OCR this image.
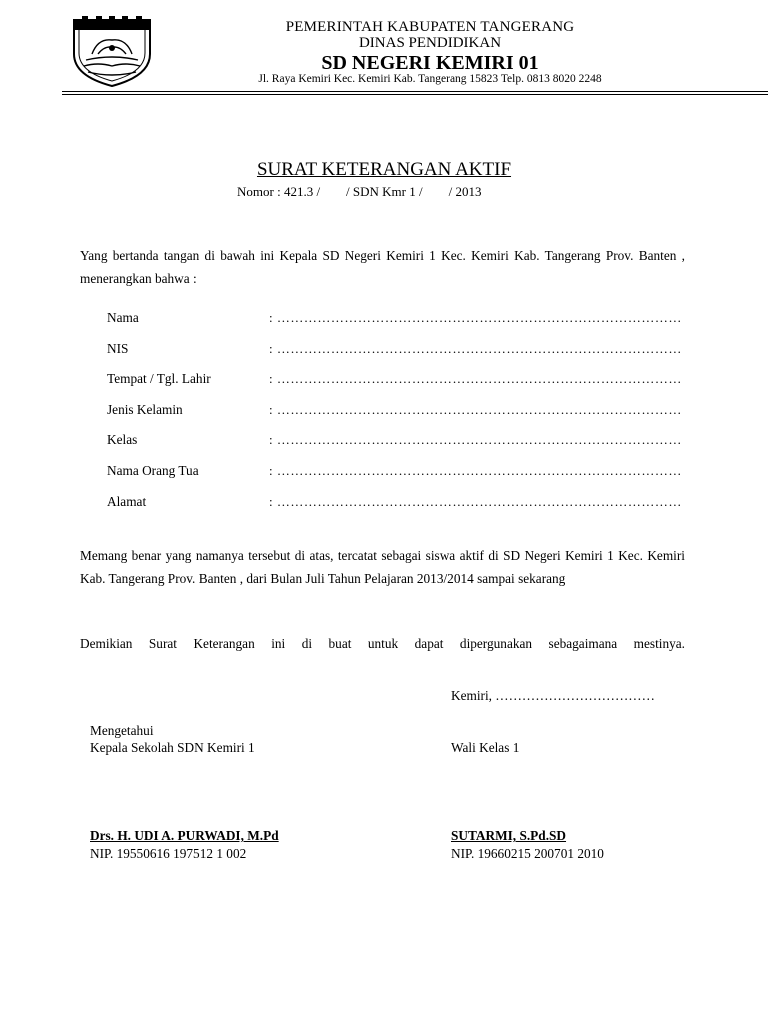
PEMERINTAH KABUPATEN TANGERANG
DINAS PENDIDIKAN
SD NEGERI KEMIRI 01
Jl. Raya Kemiri Kec. Kemiri Kab. Tangerang 15823 Telp. 0813 8020 2248
SURAT KETERANGAN AKTIF
Nomor : 421.3 /        / SDN Kmr 1 /        / 2013
Yang bertanda tangan di bawah ini Kepala SD Negeri Kemiri 1 Kec. Kemiri Kab. Tangerang Prov. Banten , menerangkan bahwa :
Nama	: ………………………………………………………………………………
NIS	: ………………………………………………………………………………
Tempat / Tgl. Lahir	: ………………………………………………………………………………
Jenis Kelamin	: ………………………………………………………………………………
Kelas	: ………………………………………………………………………………
Nama Orang Tua	: ………………………………………………………………………………
Alamat	: ………………………………………………………………………………
Memang benar yang namanya tersebut di atas, tercatat sebagai siswa aktif di SD Negeri Kemiri 1 Kec. Kemiri Kab. Tangerang Prov. Banten , dari Bulan Juli Tahun Pelajaran 2013/2014 sampai sekarang
Demikian Surat Keterangan ini di buat untuk dapat dipergunakan sebagaimana mestinya.
Kemiri, ………………………………
Mengetahui
Kepala Sekolah SDN Kemiri 1	Wali Kelas 1
Drs. H. UDI A. PURWADI, M.Pd
NIP. 19550616 197512 1 002
SUTARMI, S.Pd.SD
NIP. 19660215 200701 2010
